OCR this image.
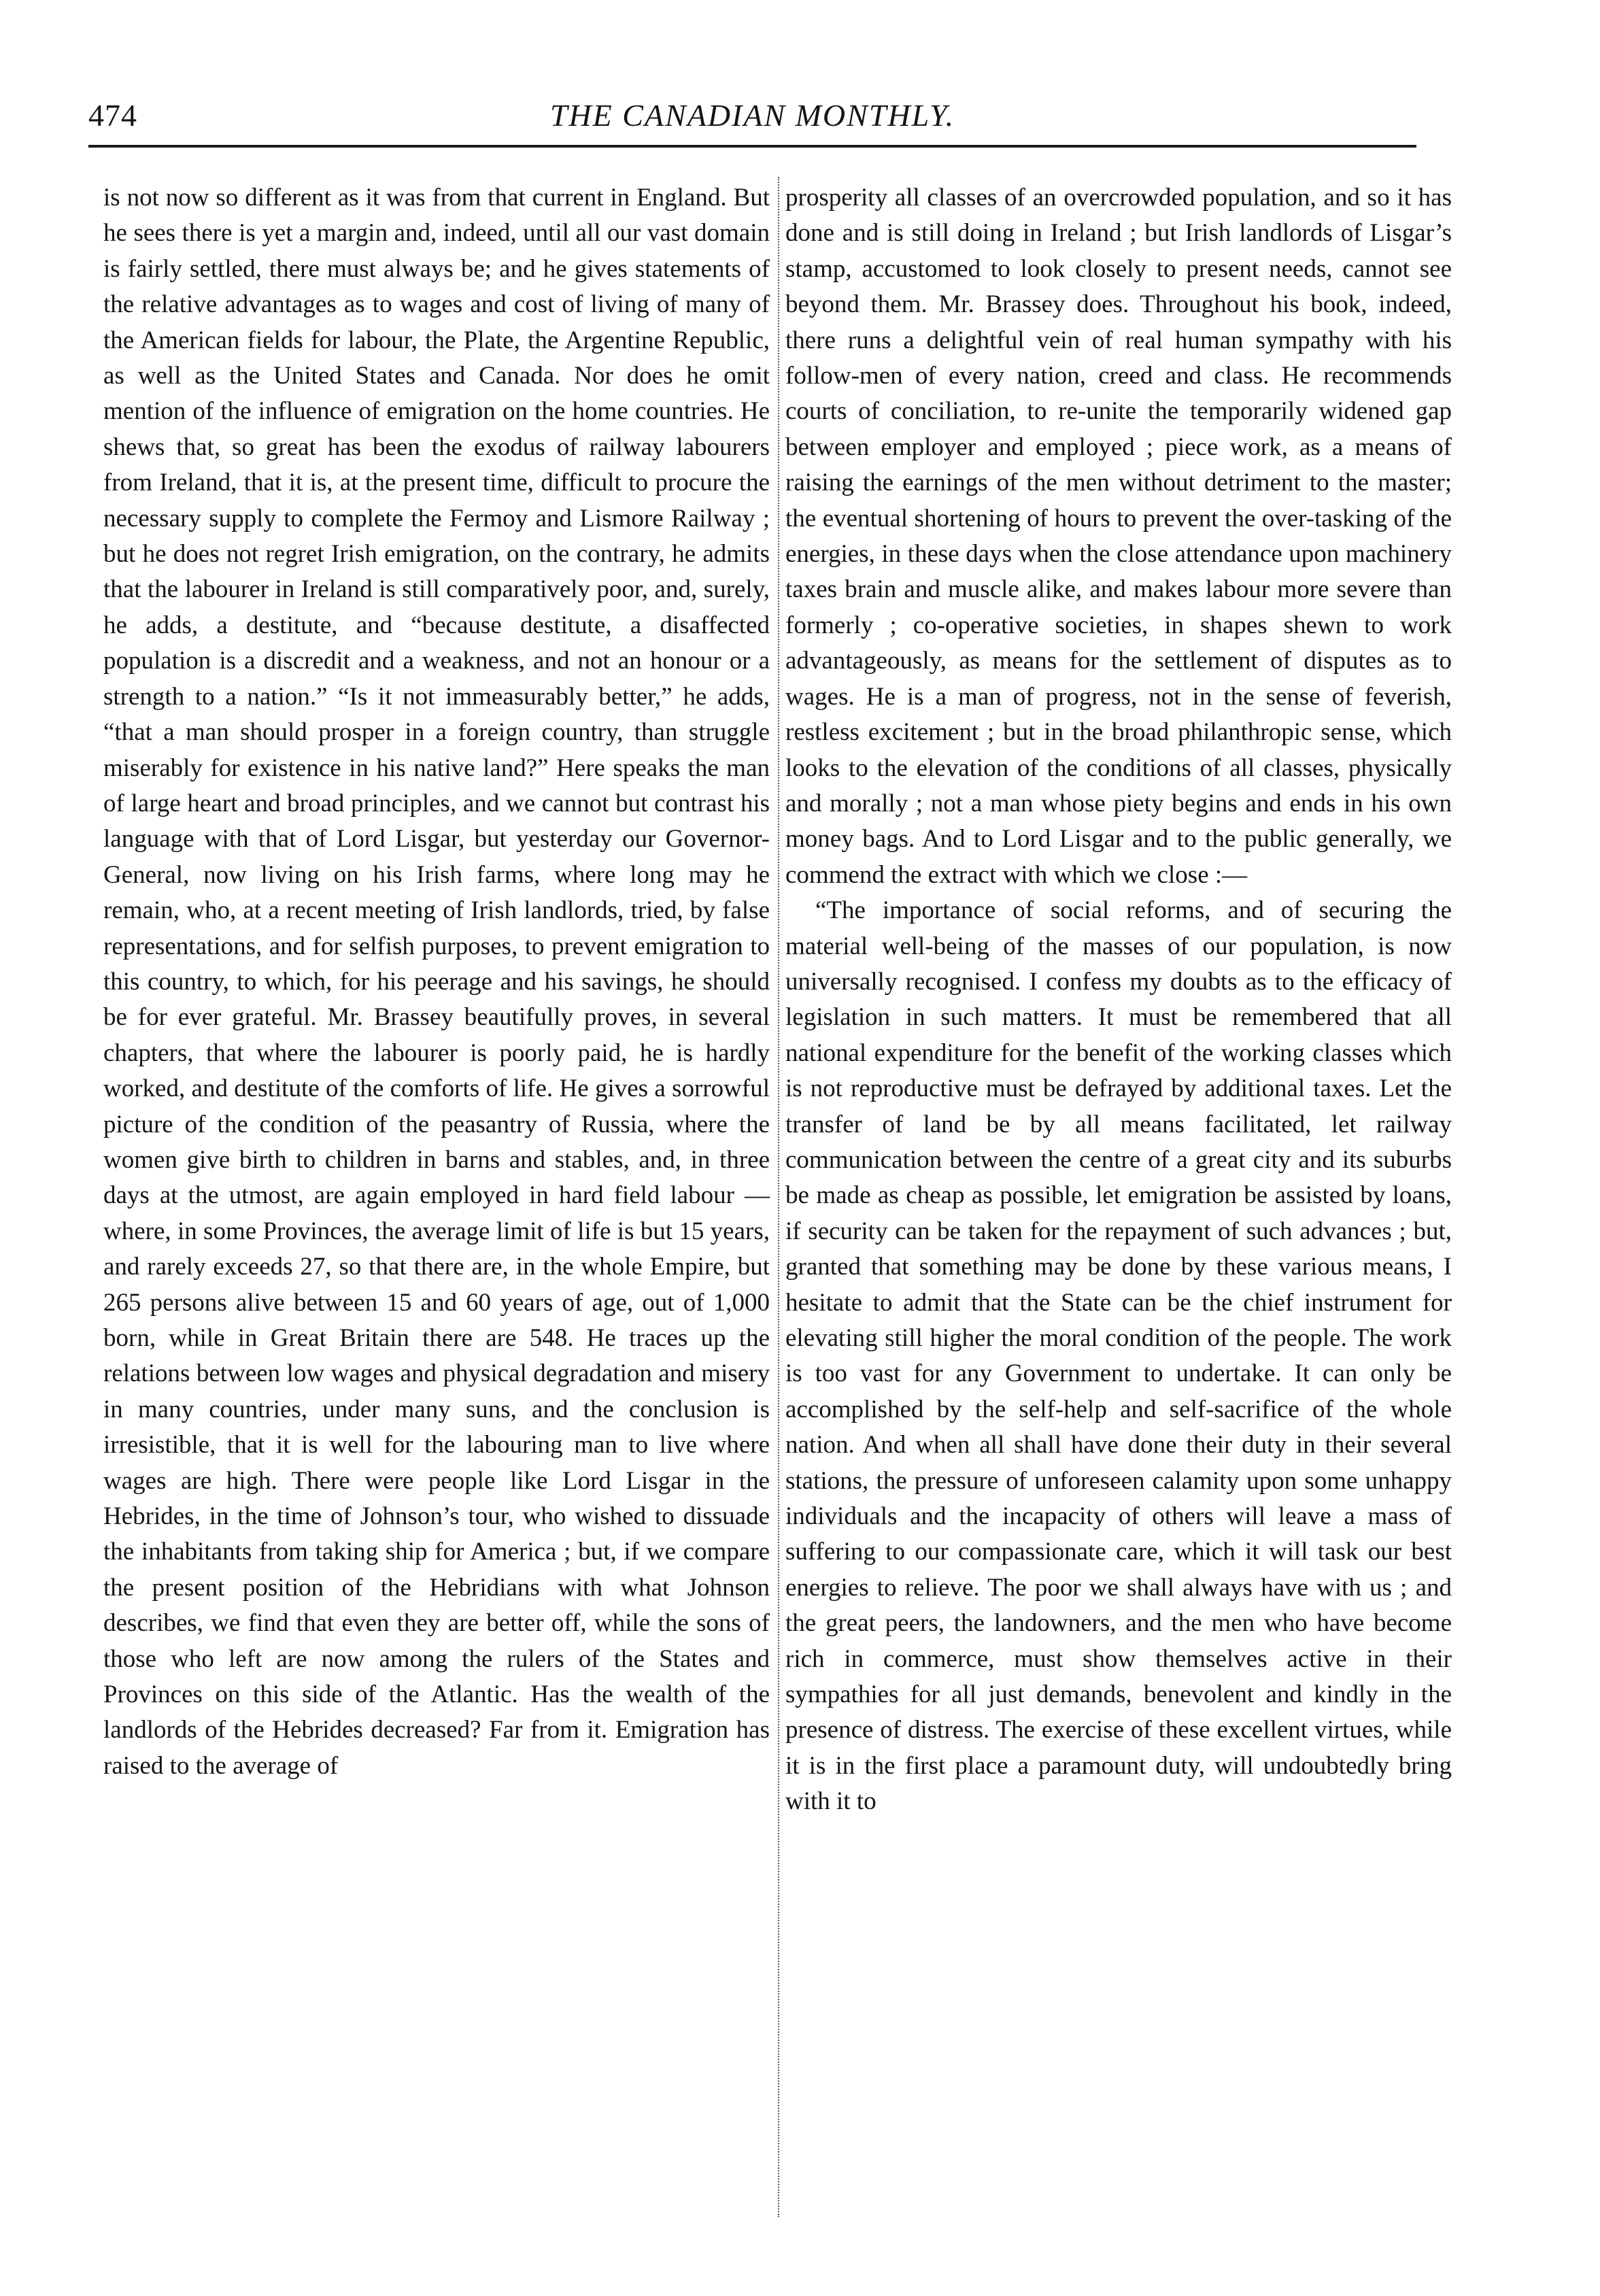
474	THE CANADIAN MONTHLY.

is not now so different as it was from that current in England. But he sees there is yet a margin and, indeed, until all our vast domain is fairly settled, there must always be; and he gives statements of the relative advantages as to wages and cost of living of many of the American fields for labour, the Plate, the Argentine Republic, as well as the United States and Canada. Nor does he omit mention of the influence of emigration on the home countries. He shews that, so great has been the exodus of railway labourers from Ireland, that it is, at the present time, difficult to procure the necessary supply to complete the Fermoy and Lismore Railway ; but he does not regret Irish emigration, on the contrary, he admits that the labourer in Ireland is still comparatively poor, and, surely, he adds, a destitute, and “because destitute, a disaffected population is a discredit and a weakness, and not an honour or a strength to a nation.” “Is it not immeasurably better,” he adds, “that a man should prosper in a foreign country, than struggle miserably for existence in his native land?” Here speaks the man of large heart and broad principles, and we cannot but contrast his language with that of Lord Lisgar, but yesterday our Governor-General, now living on his Irish farms, where long may he remain, who, at a recent meeting of Irish landlords, tried, by false representations, and for selfish purposes, to prevent emigration to this country, to which, for his peerage and his savings, he should be for ever grateful. Mr. Brassey beautifully proves, in several chapters, that where the labourer is poorly paid, he is hardly worked, and destitute of the comforts of life. He gives a sorrowful picture of the condition of the peasantry of Russia, where the women give birth to children in barns and stables, and, in three days at the utmost, are again employed in hard field labour —where, in some Provinces, the average limit of life is but 15 years, and rarely exceeds 27, so that there are, in the whole Empire, but 265 persons alive between 15 and 60 years of age, out of 1,000 born, while in Great Britain there are 548. He traces up the relations between low wages and physical degradation and misery in many countries, under many suns, and the conclusion is irresistible, that it is well for the labouring man to live where wages are high. There were people like Lord Lisgar in the Hebrides, in the time of Johnson’s tour, who wished to dissuade the inhabitants from taking ship for America ; but, if we compare the present position of the Hebridians with what Johnson describes, we find that even they are better off, while the sons of those who left are now among the rulers of the States and Provinces on this side of the Atlantic. Has the wealth of the landlords of the Hebrides decreased? Far from it. Emigration has raised to the average of

prosperity all classes of an overcrowded population, and so it has done and is still doing in Ireland ; but Irish landlords of Lisgar’s stamp, accustomed to look closely to present needs, cannot see beyond them. Mr. Brassey does. Throughout his book, indeed, there runs a delightful vein of real human sympathy with his follow-men of every nation, creed and class. He recommends courts of conciliation, to re-unite the temporarily widened gap between employer and employed ; piece work, as a means of raising the earnings of the men without detriment to the master; the eventual shortening of hours to prevent the over-tasking of the energies, in these days when the close attendance upon machinery taxes brain and muscle alike, and makes labour more severe than formerly ; co-operative societies, in shapes shewn to work advantageously, as means for the settlement of disputes as to wages. He is a man of progress, not in the sense of feverish, restless excitement ; but in the broad philanthropic sense, which looks to the elevation of the conditions of all classes, physically and morally ; not a man whose piety begins and ends in his own money bags. And to Lord Lisgar and to the public generally, we commend the extract with which we close :—

“The importance of social reforms, and of securing the material well-being of the masses of our population, is now universally recognised. I confess my doubts as to the efficacy of legislation in such matters. It must be remembered that all national expenditure for the benefit of the working classes which is not reproductive must be defrayed by additional taxes. Let the transfer of land be by all means facilitated, let railway communication between the centre of a great city and its suburbs be made as cheap as possible, let emigration be assisted by loans, if security can be taken for the repayment of such advances ; but, granted that something may be done by these various means, I hesitate to admit that the State can be the chief instrument for elevating still higher the moral condition of the people. The work is too vast for any Government to undertake. It can only be accomplished by the self-help and self-sacrifice of the whole nation. And when all shall have done their duty in their several stations, the pressure of unforeseen calamity upon some unhappy individuals and the incapacity of others will leave a mass of suffering to our compassionate care, which it will task our best energies to relieve. The poor we shall always have with us ; and the great peers, the landowners, and the men who have become rich in commerce, must show themselves active in their sympathies for all just demands, benevolent and kindly in the presence of distress. The exercise of these excellent virtues, while it is in the first place a paramount duty, will undoubtedly bring with it to
